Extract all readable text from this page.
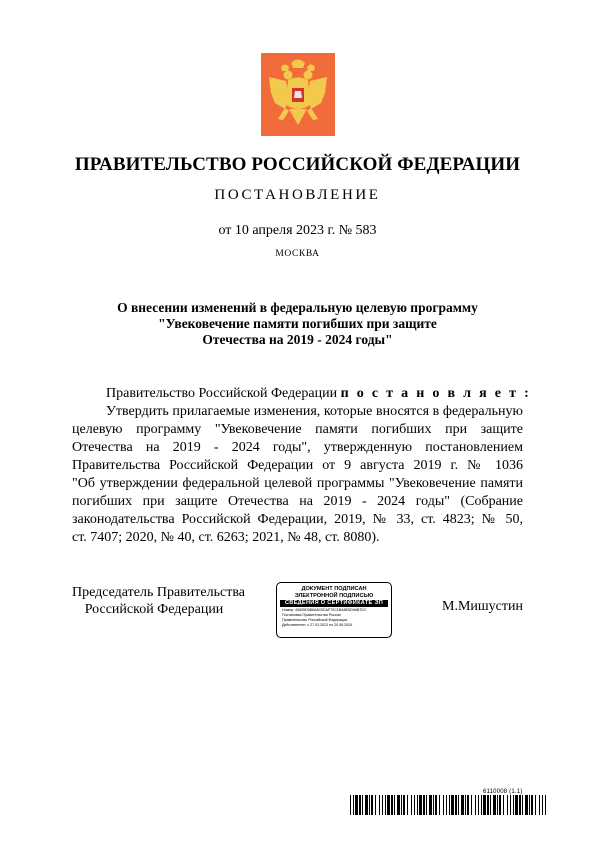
ПРАВИТЕЛЬСТВО РОССИЙСКОЙ ФЕДЕРАЦИИ
ПОСТАНОВЛЕНИЕ
от 10 апреля 2023 г. № 583
МОСКВА
О внесении изменений в федеральную целевую программу
"Увековечение памяти погибших при защите
Отечества на 2019 - 2024 годы"
Правительство Российской Федерации п о с т а н о в л я е т :
Утвердить прилагаемые изменения, которые вносятся в федеральную
целевую программу "Увековечение памяти погибших при защите
Отечества на 2019 - 2024 годы", утвержденную постановлением
Правительства Российской Федерации от 9 августа 2019 г. № 1036
"Об утверждении федеральной целевой программы "Увековечение памяти
погибших при защите Отечества на 2019 - 2024 годы" (Собрание
законодательства Российской Федерации, 2019, № 33, ст. 4823; № 50,
ст. 7407; 2020, № 40, ст. 6263; 2021, № 48, ст. 8080).
Председатель Правительства
Российской Федерации
ДОКУМЕНТ ПОДПИСАН
ЭЛЕКТРОННОЙ ПОДПИСЬЮ
СВЕДЕНИЯ О СЕРТИФИКАТЕ ЭП
Номер: 40835D5B6A8C0DAF70C1BA8E5D9AB7DC
Постановка Правительства России
Правительство Российской Федерации
Действителен: с 27.03.2023 по 20.06.2024
М.Мишустин
6110008 (1.1)
